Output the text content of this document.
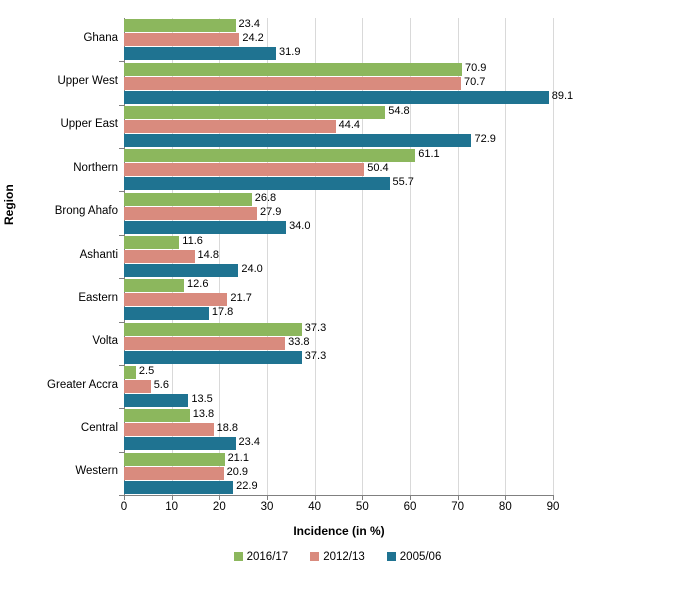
Region
0	10	20	30	40	50	60	70	80	90
Incidence (in %)
Ghana
23.4
24.2
31.9
Upper West
70.9
70.7
89.1
Upper East
54.8
44.4
72.9
Northern
61.1
50.4
55.7
Brong Ahafo
26.8
27.9
34.0
Ashanti
11.6
14.8
24.0
Eastern
12.6
21.7
17.8
Volta
37.3
33.8
37.3
Greater Accra
2.5
5.6
13.5
Central
13.8
18.8
23.4
Western
21.1
20.9
22.9
2016/17	2012/13	2005/06
